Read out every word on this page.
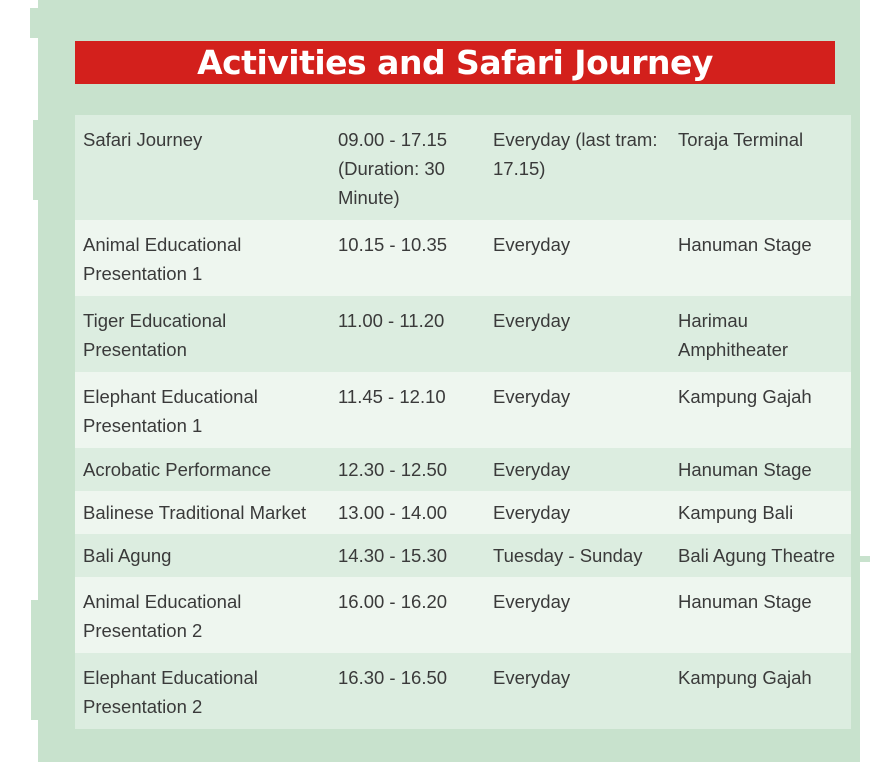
Activities and Safari Journey
Safari Journey	09.00 - 17.15 (Duration: 30 Minute)	Everyday (last tram: 17.15)	Toraja Terminal
Animal Educational Presentation 1	10.15 - 10.35	Everyday	Hanuman Stage
Tiger Educational Presentation	11.00 - 11.20	Everyday	Harimau Amphitheater
Elephant Educational Presentation 1	11.45 - 12.10	Everyday	Kampung Gajah
Acrobatic Performance	12.30 - 12.50	Everyday	Hanuman Stage
Balinese Traditional Market	13.00 - 14.00	Everyday	Kampung Bali
Bali Agung	14.30 - 15.30	Tuesday - Sunday	Bali Agung Theatre
Animal Educational Presentation 2	16.00 - 16.20	Everyday	Hanuman Stage
Elephant Educational Presentation 2	16.30 - 16.50	Everyday	Kampung Gajah
